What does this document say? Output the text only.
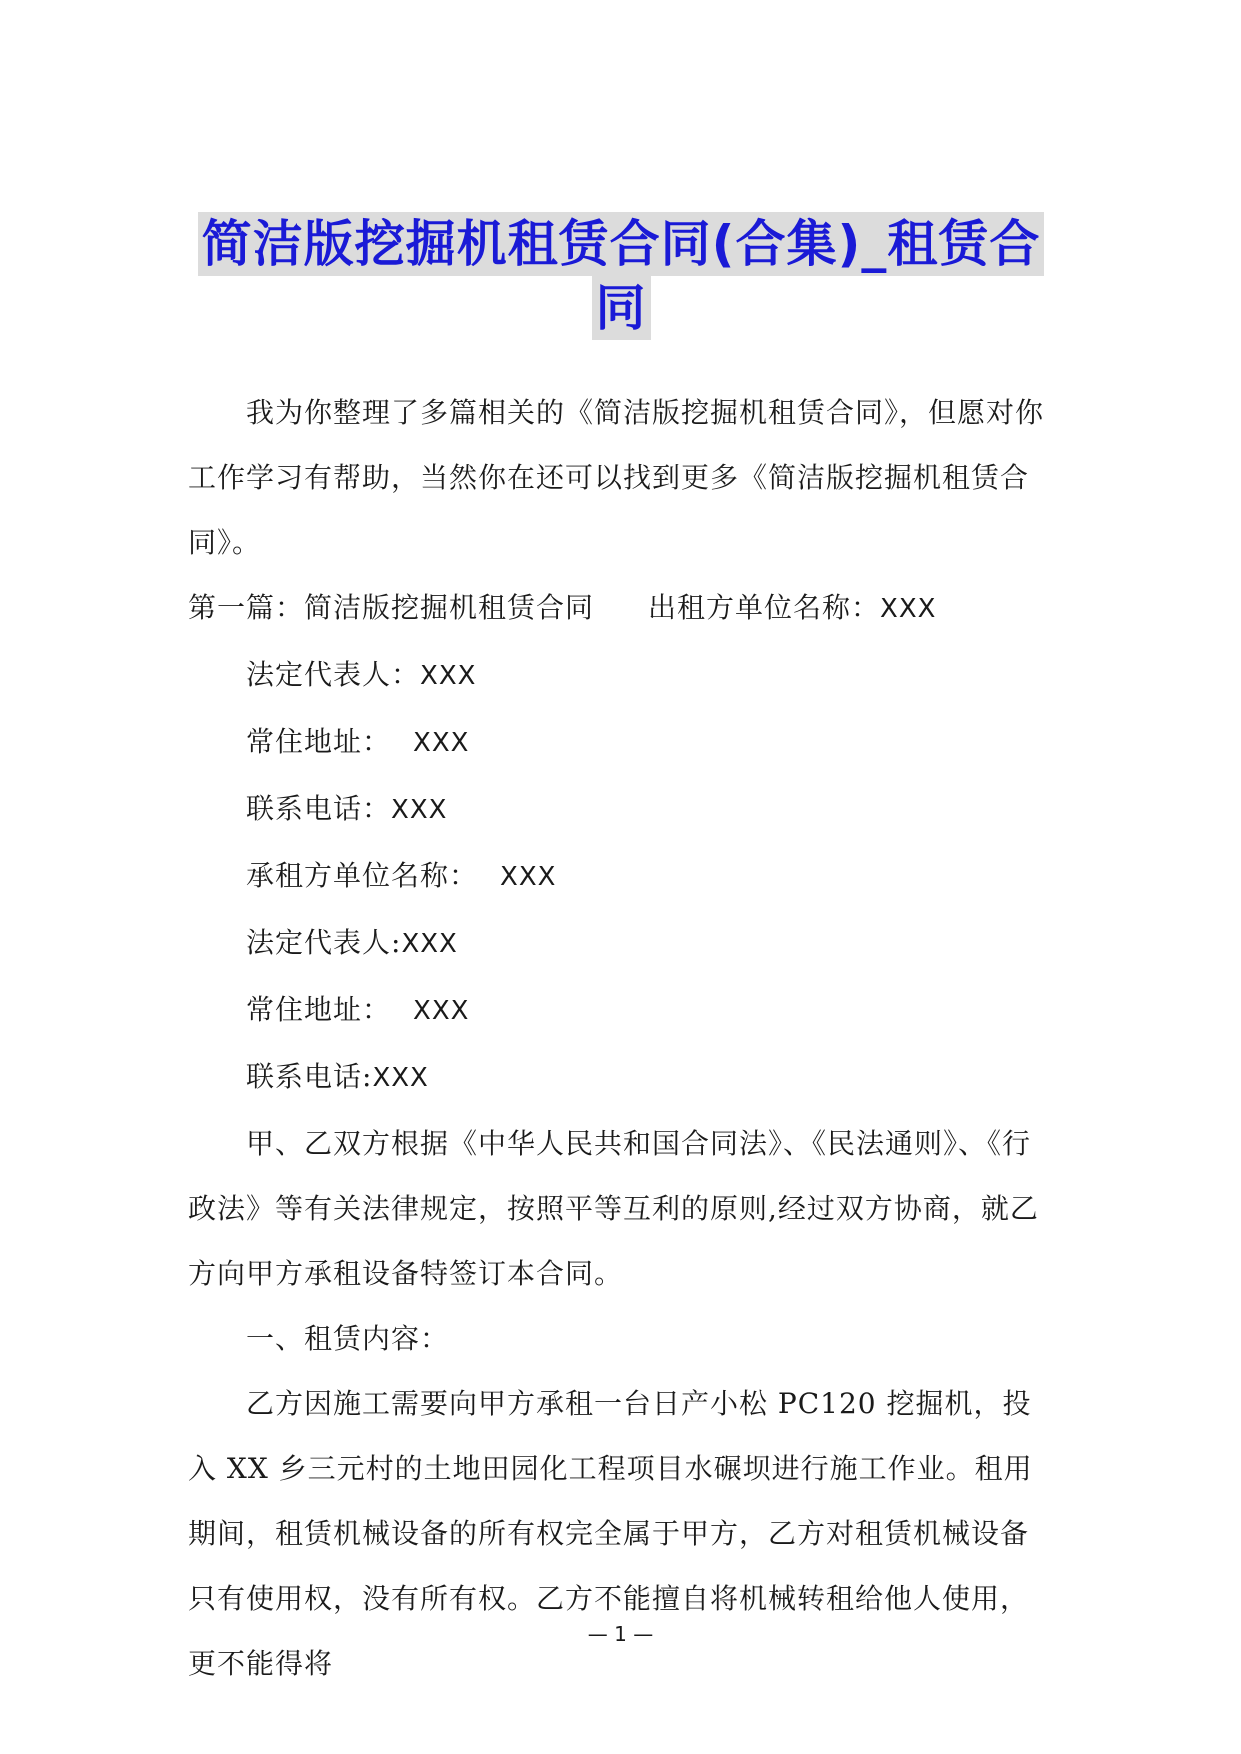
简洁版挖掘机租赁合同(合集)_租赁合
同

我为你整理了多篇相关的《简洁版挖掘机租赁合同》，但愿对你工作学习有帮助，当然你在还可以找到更多《简洁版挖掘机租赁合同》。

第一篇：简洁版挖掘机租赁合同 出租方单位名称：XXX

法定代表人：XXX

常住地址： XXX

联系电话：XXX

承租方单位名称： XXX

法定代表人:XXX

常住地址： XXX

联系电话:XXX

甲、乙双方根据《中华人民共和国合同法》、《民法通则》、《行政法》等有关法律规定，按照平等互利的原则,经过双方协商，就乙方向甲方承租设备特签订本合同。

一、租赁内容：

乙方因施工需要向甲方承租一台日产小松 PC120 挖掘机，投入 XX 乡三元村的土地田园化工程项目水碾坝进行施工作业。租用期间，租赁机械设备的所有权完全属于甲方，乙方对租赁机械设备只有使用权，没有所有权。乙方不能擅自将机械转租给他人使用，更不能得将

— 1 —
